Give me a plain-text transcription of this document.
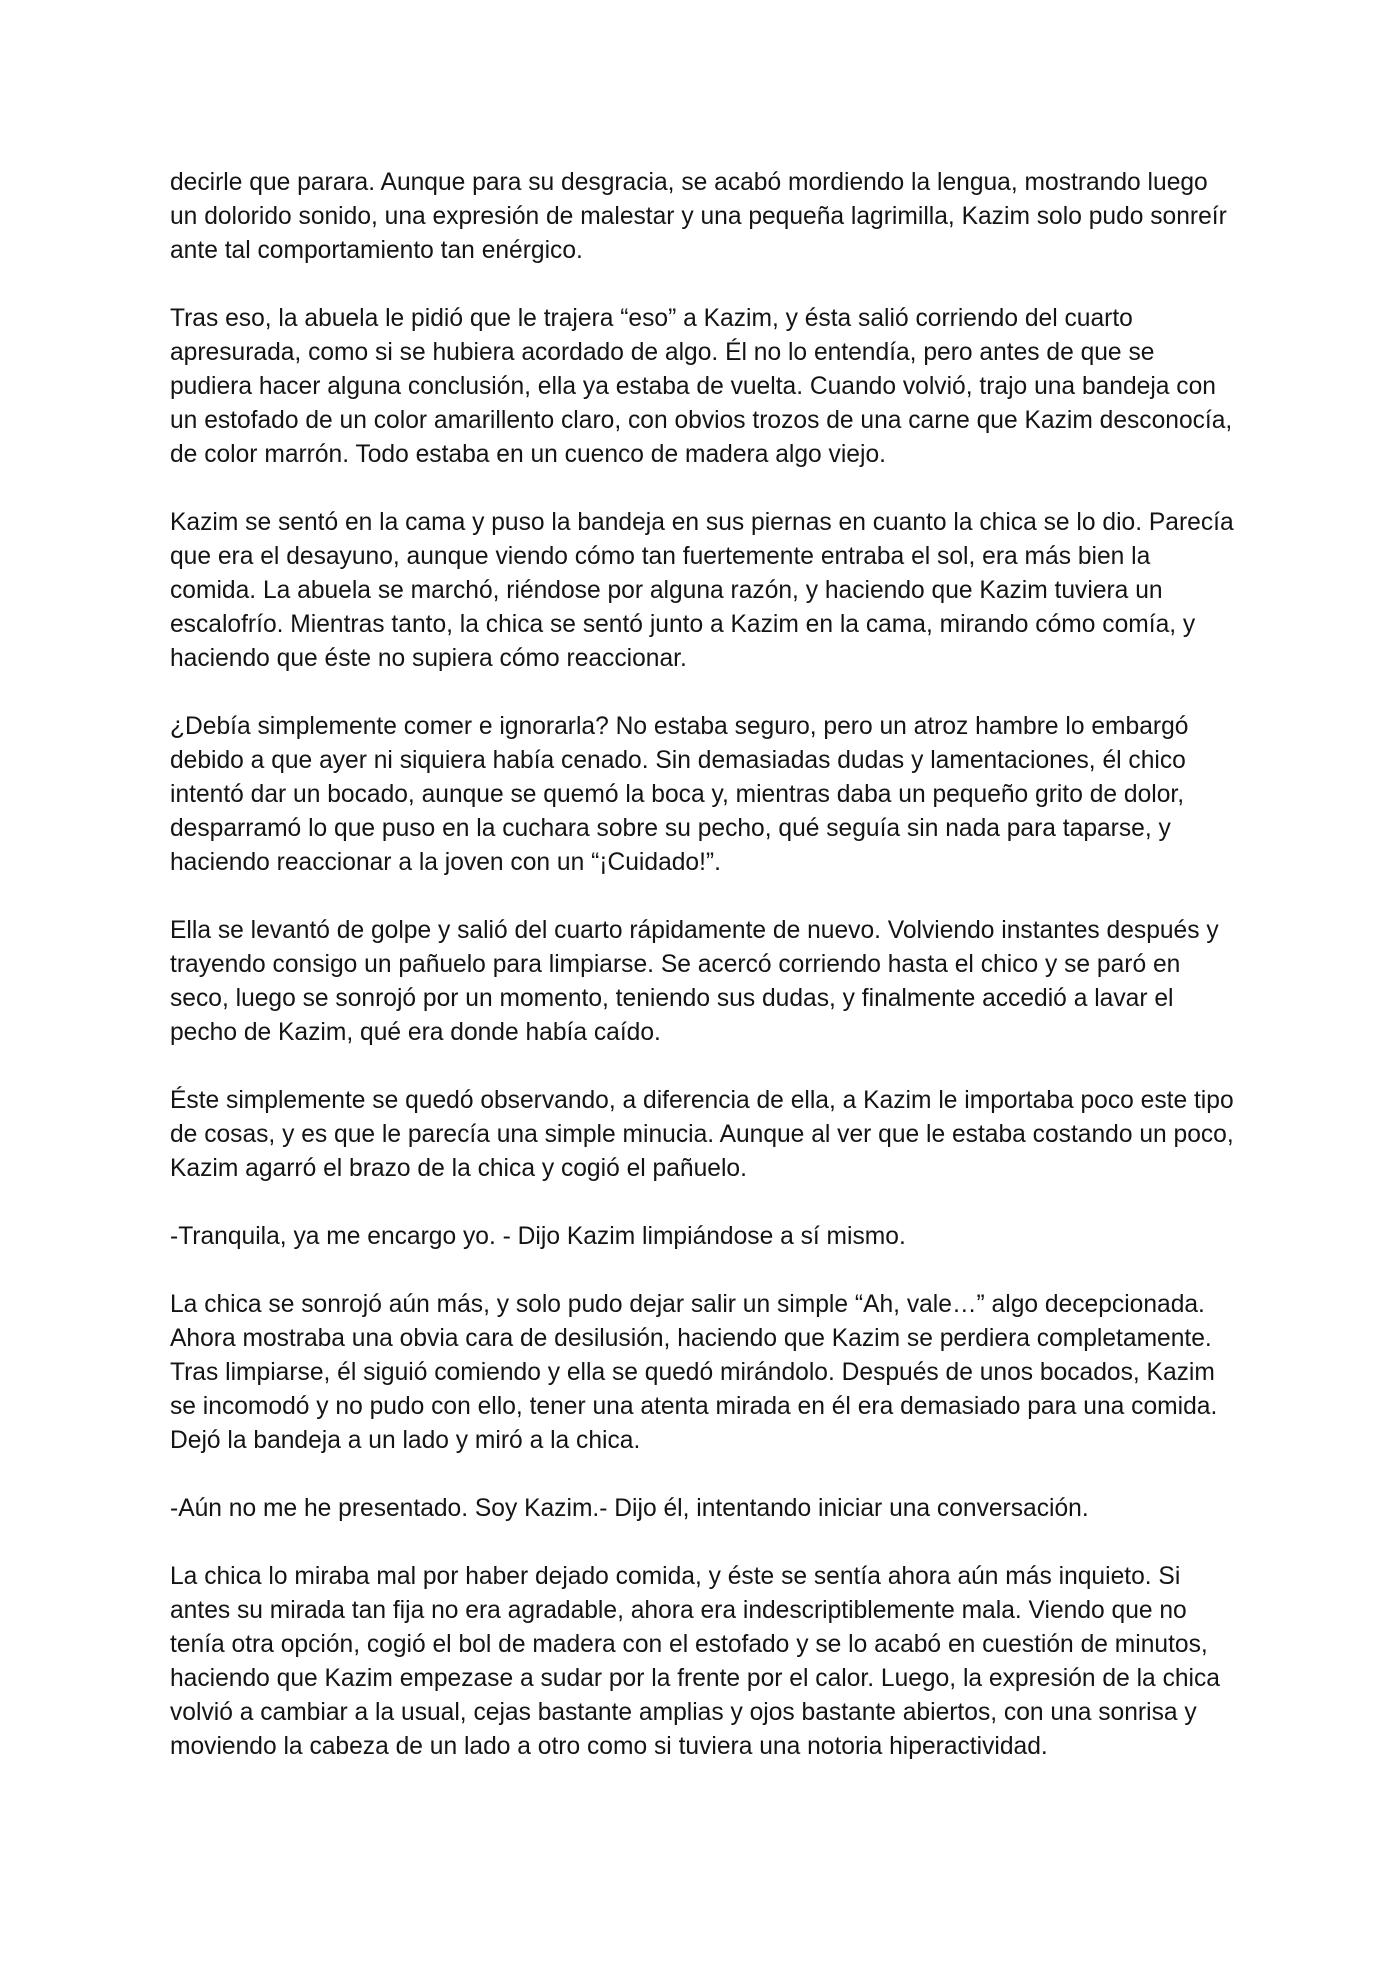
decirle que parara. Aunque para su desgracia, se acabó mordiendo la lengua, mostrando luego un dolorido sonido, una expresión de malestar y una pequeña lagrimilla, Kazim solo pudo sonreír ante tal comportamiento tan enérgico.

Tras eso, la abuela le pidió que le trajera “eso” a Kazim, y ésta salió corriendo del cuarto apresurada, como si se hubiera acordado de algo. Él no lo entendía, pero antes de que se pudiera hacer alguna conclusión, ella ya estaba de vuelta. Cuando volvió, trajo una bandeja con un estofado de un color amarillento claro, con obvios trozos de una carne que Kazim desconocía, de color marrón. Todo estaba en un cuenco de madera algo viejo.

Kazim se sentó en la cama y puso la bandeja en sus piernas en cuanto la chica se lo dio. Parecía que era el desayuno, aunque viendo cómo tan fuertemente entraba el sol, era más bien la comida. La abuela se marchó, riéndose por alguna razón, y haciendo que Kazim tuviera un escalofrío. Mientras tanto, la chica se sentó junto a Kazim en la cama, mirando cómo comía, y haciendo que éste no supiera cómo reaccionar.

¿Debía simplemente comer e ignorarla? No estaba seguro, pero un atroz hambre lo embargó debido a que ayer ni siquiera había cenado. Sin demasiadas dudas y lamentaciones, él chico intentó dar un bocado, aunque se quemó la boca y, mientras daba un pequeño grito de dolor, desparramó lo que puso en la cuchara sobre su pecho, qué seguía sin nada para taparse, y haciendo reaccionar a la joven con un “¡Cuidado!”.

Ella se levantó de golpe y salió del cuarto rápidamente de nuevo. Volviendo instantes después y trayendo consigo un pañuelo para limpiarse. Se acercó corriendo hasta el chico y se paró en seco, luego se sonrojó por un momento, teniendo sus dudas, y finalmente accedió a lavar el pecho de Kazim, qué era donde había caído.

Éste simplemente se quedó observando, a diferencia de ella, a Kazim le importaba poco este tipo de cosas, y es que le parecía una simple minucia. Aunque al ver que le estaba costando un poco, Kazim agarró el brazo de la chica y cogió el pañuelo.

-Tranquila, ya me encargo yo. - Dijo Kazim limpiándose a sí mismo.

La chica se sonrojó aún más, y solo pudo dejar salir un simple “Ah, vale…” algo decepcionada. Ahora mostraba una obvia cara de desilusión, haciendo que Kazim se perdiera completamente. Tras limpiarse, él siguió comiendo y ella se quedó mirándolo. Después de unos bocados, Kazim se incomodó y no pudo con ello, tener una atenta mirada en él era demasiado para una comida. Dejó la bandeja a un lado y miró a la chica.

-Aún no me he presentado. Soy Kazim.- Dijo él, intentando iniciar una conversación.

La chica lo miraba mal por haber dejado comida, y éste se sentía ahora aún más inquieto. Si antes su mirada tan fija no era agradable, ahora era indescriptiblemente mala. Viendo que no tenía otra opción, cogió el bol de madera con el estofado y se lo acabó en cuestión de minutos, haciendo que Kazim empezase a sudar por la frente por el calor. Luego, la expresión de la chica volvió a cambiar a la usual, cejas bastante amplias y ojos bastante abiertos, con una sonrisa y moviendo la cabeza de un lado a otro como si tuviera una notoria hiperactividad.
